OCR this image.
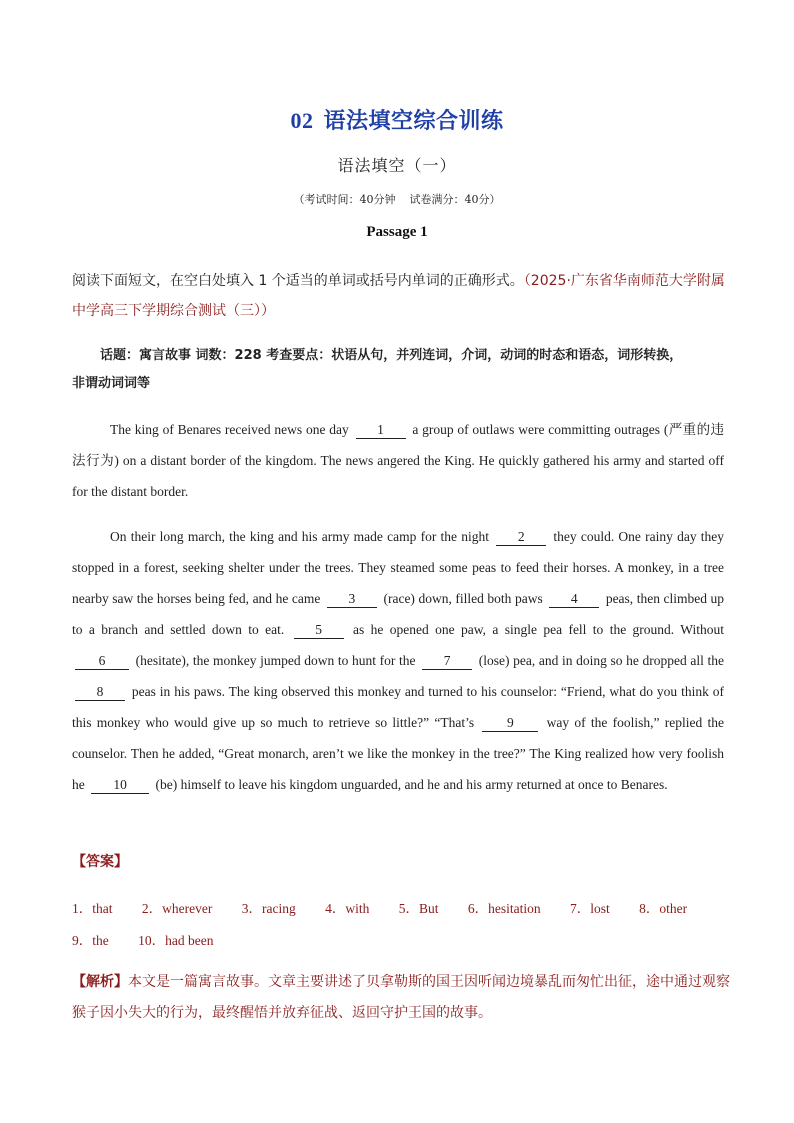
02 语法填空综合训练
语法填空（一）
（考试时间：40分钟 试卷满分：40分）
Passage 1
阅读下面短文，在空白处填入 1 个适当的单词或括号内单词的正确形式。（2025·广东省华南师范大学附属中学高三下学期综合测试（三））
话题：寓言故事 词数：228 考查要点：状语从句，并列连词，介词，动词的时态和语态，词形转换，
非谓动词词等
The king of Benares received news one day 1 a group of outlaws were committing outrages (严重的违法行为) on a distant border of the kingdom. The news angered the King. He quickly gathered his army and started off for the distant border.
On their long march, the king and his army made camp for the night 2 they could. One rainy day they stopped in a forest, seeking shelter under the trees. They steamed some peas to feed their horses. A monkey, in a tree nearby saw the horses being fed, and he came 3 (race) down, filled both paws 4 peas, then climbed up to a branch and settled down to eat. 5 as he opened one paw, a single pea fell to the ground. Without 6 (hesitate), the monkey jumped down to hunt for the 7 (lose) pea, and in doing so he dropped all the 8 peas in his paws. The king observed this monkey and turned to his counselor: “Friend, what do you think of this monkey who would give up so much to retrieve so little?” “That’s 9 way of the foolish,” replied the counselor. Then he added, “Great monarch, aren’t we like the monkey in the tree?” The King realized how very foolish he 10 (be) himself to leave his kingdom unguarded, and he and his army returned at once to Benares.
【答案】
1．that 2．wherever 3．racing 4．with 5．But 6．hesitation 7．lost 8．other
9．the 10．had been
【解析】本文是一篇寓言故事。文章主要讲述了贝拿勒斯的国王因听闻边境暴乱而匆忙出征，途中通过观察猴子因小失大的行为，最终醒悟并放弃征战、返回守护王国的故事。
